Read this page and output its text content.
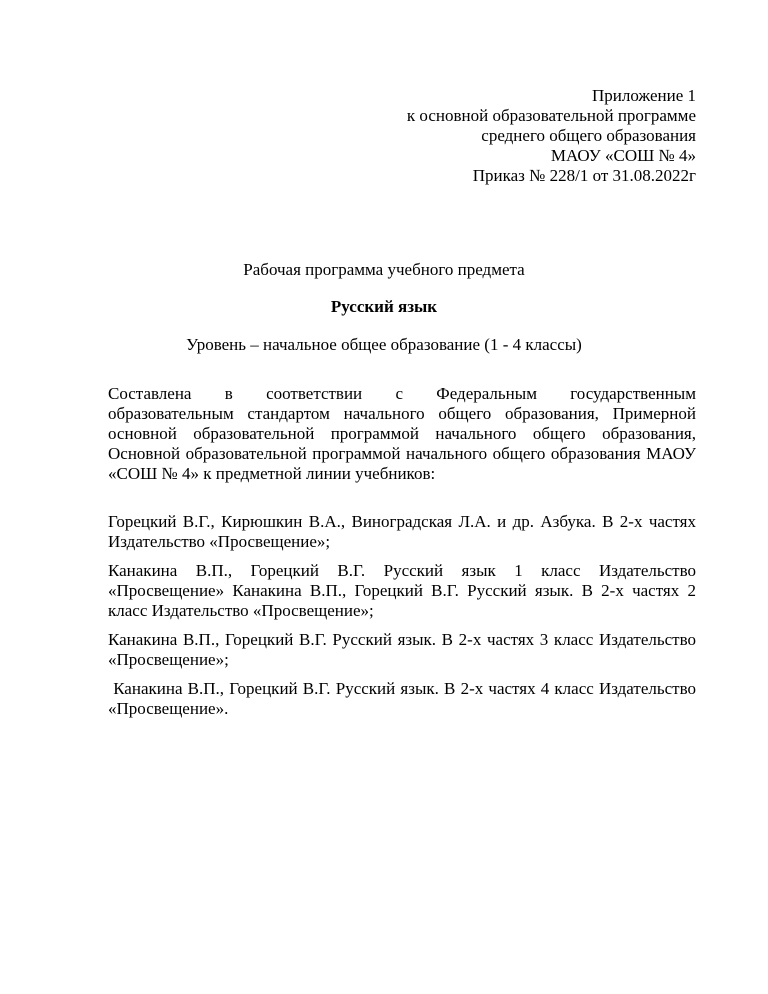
Приложение 1
к основной образовательной программе
среднего общего образования
МАОУ «СОШ № 4»
Приказ № 228/1 от 31.08.2022г
Рабочая программа учебного предмета
Русский язык
Уровень – начальное общее образование (1 - 4 классы)
Составлена в соответствии с Федеральным государственным
образовательным стандартом начального общего образования, Примерной основной образовательной программой начального общего образования, Основной образовательной программой начального общего образования МАОУ «СОШ № 4» к предметной линии учебников:
Горецкий В.Г., Кирюшкин В.А., Виноградская Л.А. и др. Азбука. В 2-х частях Издательство «Просвещение»;
Канакина В.П., Горецкий В.Г. Русский язык 1 класс Издательство «Просвещение» Канакина В.П., Горецкий В.Г. Русский язык. В 2-х частях 2 класс Издательство «Просвещение»;
Канакина В.П., Горецкий В.Г. Русский язык. В 2-х частях 3 класс Издательство «Просвещение»;
Канакина В.П., Горецкий В.Г. Русский язык. В 2-х частях 4 класс Издательство «Просвещение».
